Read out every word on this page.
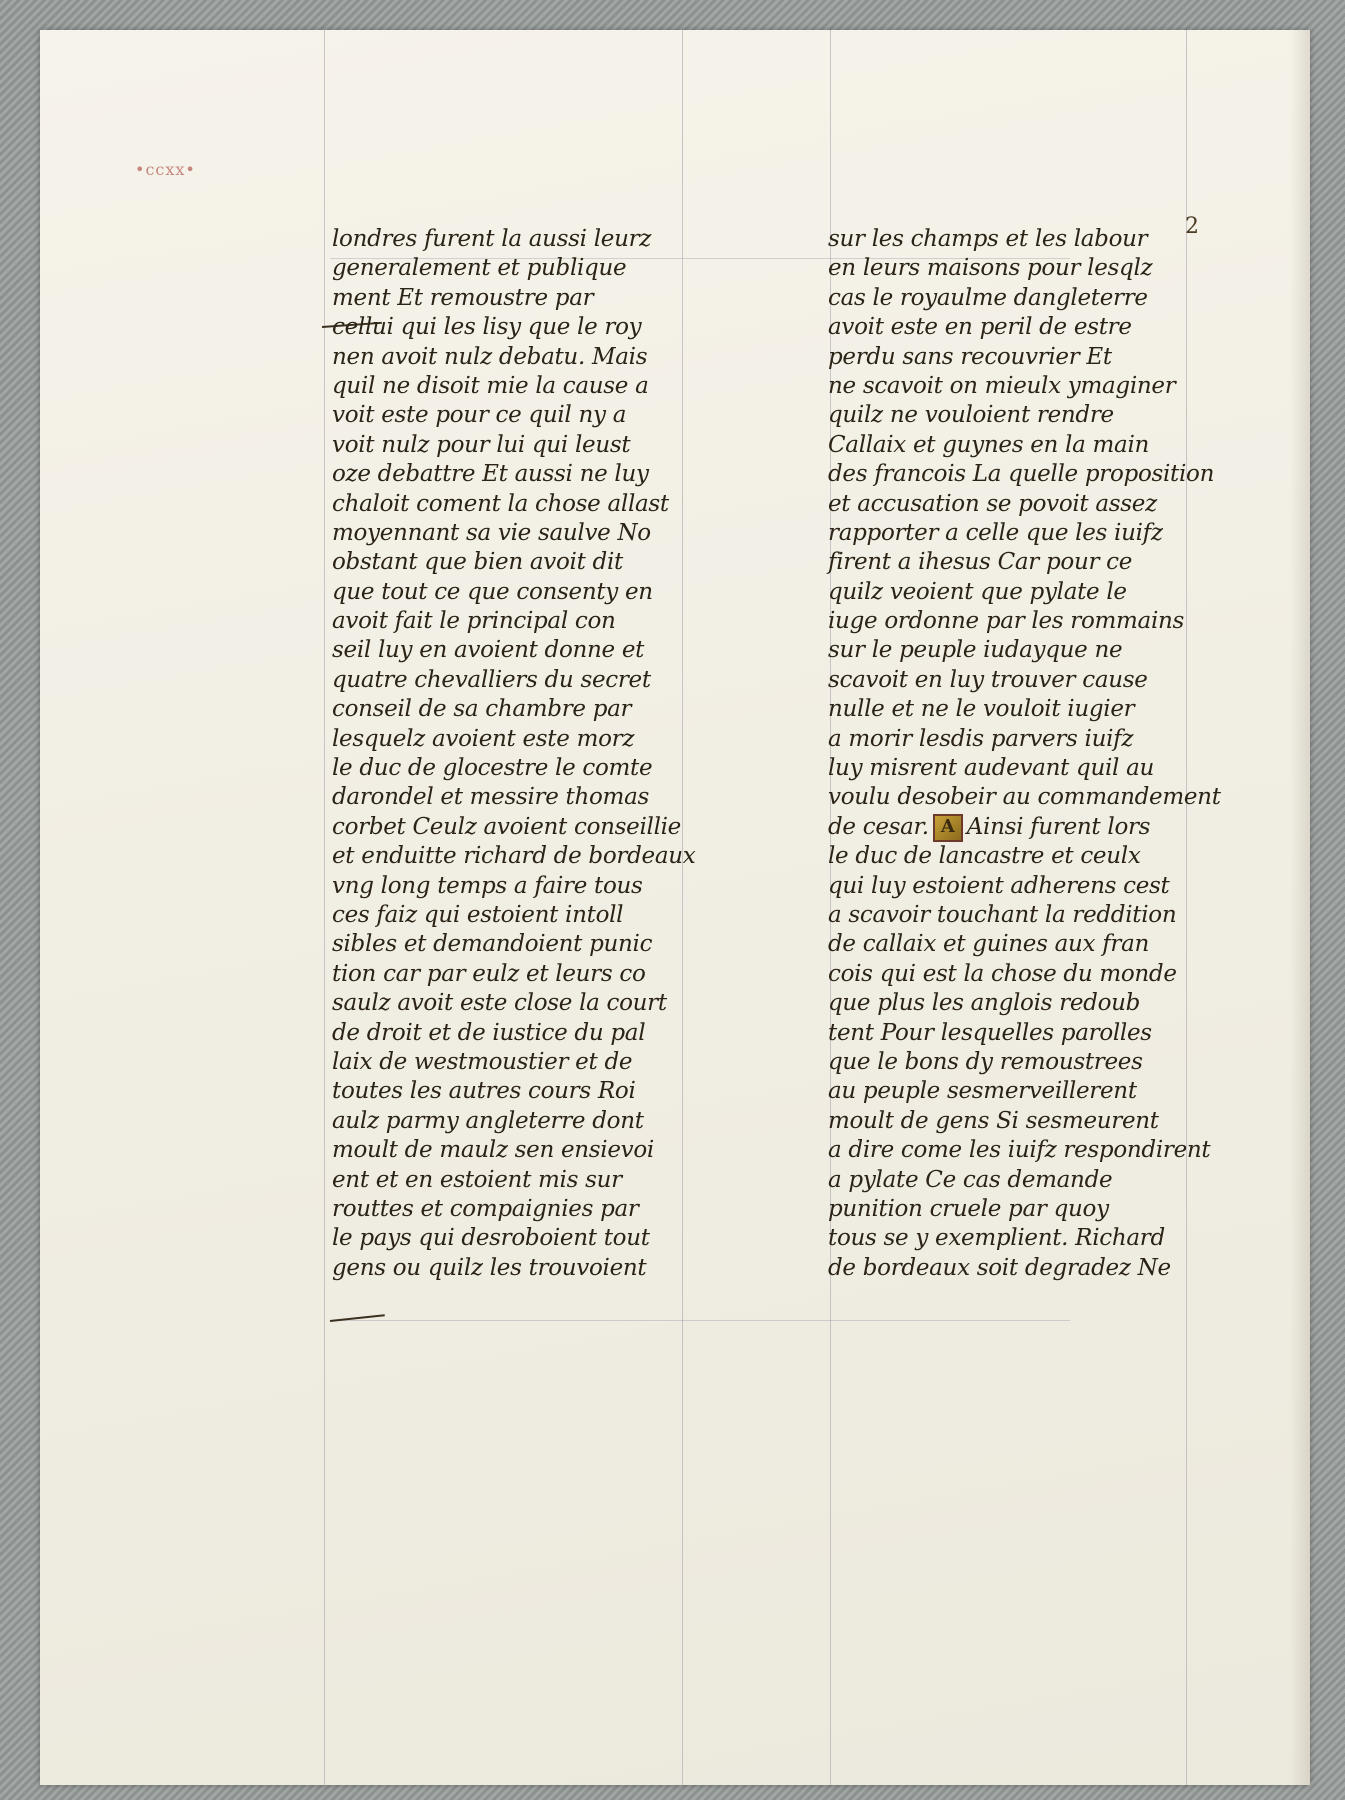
•ccxx•
2
londres furent la aussi leurz
generalement et publique
ment Et remoustre par
cellui qui les lisy que le roy
nen avoit nulz debatu. Mais
quil ne disoit mie la cause a
voit este pour ce quil ny a
voit nulz pour lui qui leust
oze debattre Et aussi ne luy
chaloit coment la chose allast
moyennant sa vie saulve No
obstant que bien avoit dit
que tout ce que consenty en
avoit fait le principal con
seil luy en avoient donne et
quatre chevalliers du secret
conseil de sa chambre par
lesquelz avoient este morz
le duc de glocestre le comte
darondel et messire thomas
corbet Ceulz avoient conseillie
et enduitte richard de bordeaux
vng long temps a faire tous
ces faiz qui estoient intoll
sibles et demandoient punic
tion car par eulz et leurs co
saulz avoit este close la court
de droit et de iustice du pal
laix de westmoustier et de
toutes les autres cours Roi
aulz parmy angleterre dont
moult de maulz sen ensievoi
ent et en estoient mis sur
routtes et compaignies par
le pays qui desroboient tout
gens ou quilz les trouvoient
sur les champs et les labour
en leurs maisons pour lesqlz
cas le royaulme dangleterre
avoit este en peril de estre
perdu sans recouvrier Et
ne scavoit on mieulx ymaginer
quilz ne vouloient rendre
Callaix et guynes en la main
des francois La quelle proposition
et accusation se povoit assez
rapporter a celle que les iuifz
firent a ihesus Car pour ce
quilz veoient que pylate le
iuge ordonne par les rommains
sur le peuple iudayque ne
scavoit en luy trouver cause
nulle et ne le vouloit iugier
a morir lesdis parvers iuifz
luy misrent audevant quil au
voulu desobeir au commandement
de cesar. A Ainsi furent lors
le duc de lancastre et ceulx
qui luy estoient adherens cest
a scavoir touchant la reddition
de callaix et guines aux fran
cois qui est la chose du monde
que plus les anglois redoub
tent Pour lesquelles parolles
que le bons dy remoustrees
au peuple sesmerveillerent
moult de gens Si sesmeurent
a dire come les iuifz respondirent
a pylate Ce cas demande
punition cruele par quoy
tous se y exemplient. Richard
de bordeaux soit degradez Ne
